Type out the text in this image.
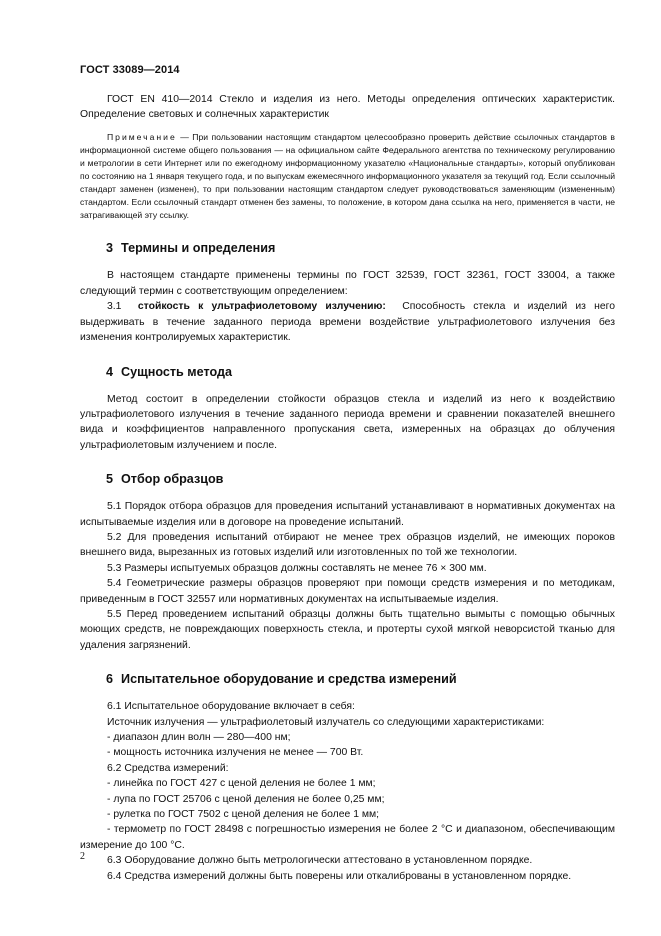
ГОСТ 33089—2014

ГОСТ EN 410—2014 Стекло и изделия из него. Методы определения оптических характеристик. Определение световых и солнечных характеристик

Примечание — При пользовании настоящим стандартом целесообразно проверить действие ссылочных стандартов в информационной системе общего пользования — на официальном сайте Федерального агентства по техническому регулированию и метрологии в сети Интернет или по ежегодному информационному указателю «Национальные стандарты», который опубликован по состоянию на 1 января текущего года, и по выпускам ежемесячного информационного указателя за текущий год. Если ссылочный стандарт заменен (изменен), то при пользовании настоящим стандартом следует руководствоваться заменяющим (измененным) стандартом. Если ссылочный стандарт отменен без замены, то положение, в котором дана ссылка на него, применяется в части, не затрагивающей эту ссылку.

3 Термины и определения

В настоящем стандарте применены термины по ГОСТ 32539, ГОСТ 32361, ГОСТ 33004, а также следующий термин с соответствующим определением:

3.1 стойкость к ультрафиолетовому излучению: Способность стекла и изделий из него выдерживать в течение заданного периода времени воздействие ультрафиолетового излучения без изменения контролируемых характеристик.

4 Сущность метода

Метод состоит в определении стойкости образцов стекла и изделий из него к воздействию ультрафиолетового излучения в течение заданного периода времени и сравнении показателей внешнего вида и коэффициентов направленного пропускания света, измеренных на образцах до облучения ультрафиолетовым излучением и после.

5 Отбор образцов

5.1 Порядок отбора образцов для проведения испытаний устанавливают в нормативных документах на испытываемые изделия или в договоре на проведение испытаний.

5.2 Для проведения испытаний отбирают не менее трех образцов изделий, не имеющих пороков внешнего вида, вырезанных из готовых изделий или изготовленных по той же технологии.

5.3 Размеры испытуемых образцов должны составлять не менее 76 × 300 мм.

5.4 Геометрические размеры образцов проверяют при помощи средств измерения и по методикам, приведенным в ГОСТ 32557 или нормативных документах на испытываемые изделия.

5.5 Перед проведением испытаний образцы должны быть тщательно вымыты с помощью обычных моющих средств, не повреждающих поверхность стекла, и протерты сухой мягкой неворсистой тканью для удаления загрязнений.

6 Испытательное оборудование и средства измерений

6.1 Испытательное оборудование включает в себя:

Источник излучения — ультрафиолетовый излучатель со следующими характеристиками:

- диапазон длин волн — 280—400 нм;

- мощность источника излучения не менее — 700 Вт.

6.2 Средства измерений:

- линейка по ГОСТ 427 с ценой деления не более 1 мм;

- лупа по ГОСТ 25706 с ценой деления не более 0,25 мм;

- рулетка по ГОСТ 7502 с ценой деления не более 1 мм;

- термометр по ГОСТ 28498 с погрешностью измерения не более 2 °C и диапазоном, обеспечивающим измерение до 100 °C.

6.3 Оборудование должно быть метрологически аттестовано в установленном порядке.

6.4 Средства измерений должны быть поверены или откалиброваны в установленном порядке.

2
